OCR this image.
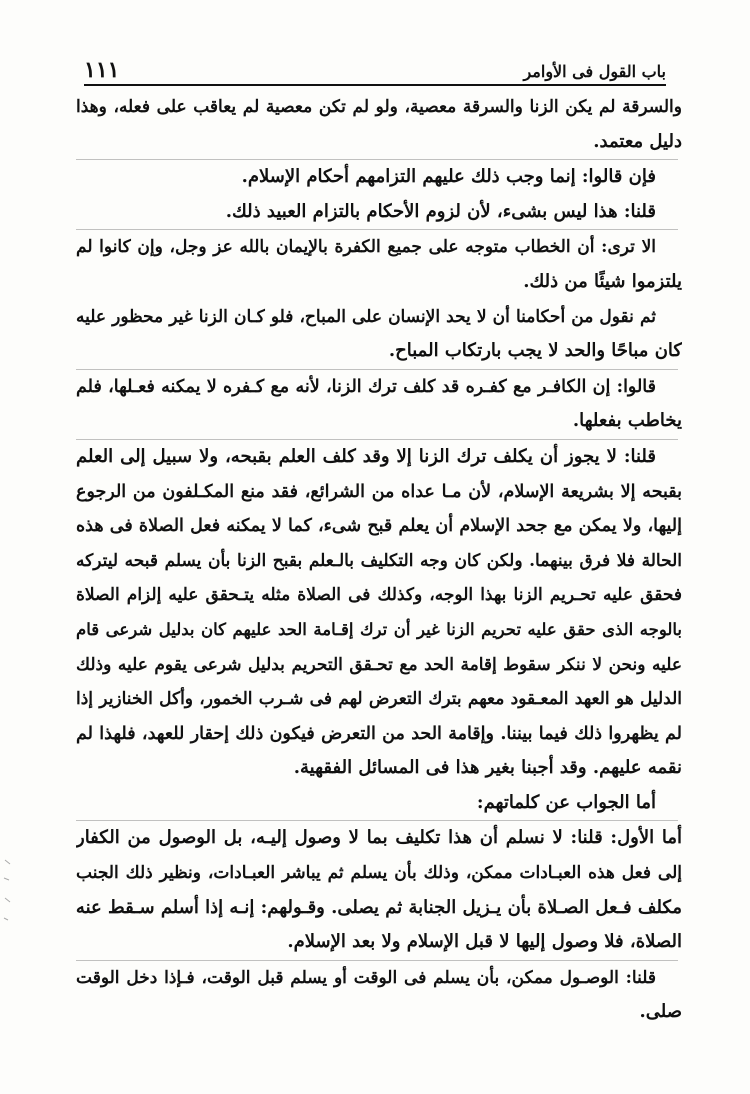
باب القول فى الأوامر
١١١
والسرقة لم يكن الزنا والسرقة معصية، ولو لم تكن معصية لم يعاقب على فعله، وهذا
دليل معتمد.
فإن قالوا: إنما وجب ذلك عليهم التزامهم أحكام الإسلام.
قلنا: هذا ليس بشىء، لأن لزوم الأحكام بالتزام العبيد ذلك.
الا ترى: أن الخطاب متوجه على جميع الكفرة بالإيمان بالله عز وجل، وإن كانوا لم
يلتزموا شيئًا من ذلك.
ثم نقول من أحكامنا أن لا يحد الإنسان على المباح، فلو كـان الزنا غير محظور عليه
كان مباحًا والحد لا يجب بارتكاب المباح.
قالوا: إن الكافـر مع كفـره قد كلف ترك الزنا، لأنه مع كـفره لا يمكنه فعـلها، فلم
يخاطب بفعلها.
قلنا: لا يجوز أن يكلف ترك الزنا إلا وقد كلف العلم بقبحه، ولا سبيل إلى العلم
بقبحه إلا بشريعة الإسلام، لأن مـا عداه من الشرائع، فقد منع المكـلفون من الرجوع
إليها، ولا يمكن مع جحد الإسلام أن يعلم قبح شىء، كما لا يمكنه فعل الصلاة فى هذه
الحالة فلا فرق بينهما. ولكن كان وجه التكليف بالـعلم بقبح الزنا بأن يسلم قبحه ليتركه
فحقق عليه تحـريم الزنا بهذا الوجه، وكذلك فى الصلاة مثله يتـحقق عليه إلزام الصلاة
بالوجه الذى حقق عليه تحريم الزنا غير أن ترك إقـامة الحد عليهم كان بدليل شرعى قام
عليه ونحن لا ننكر سقوط إقامة الحد مع تحـقق التحريم بدليل شرعى يقوم عليه وذلك
الدليل هو العهد المعـقود معهم بترك التعرض لهم فى شـرب الخمور، وأكل الخنازير إذا
لم يظهروا ذلك فيما بيننا. وإقامة الحد من التعرض فيكون ذلك إحقار للعهد، فلهذا لم
نقمه عليهم. وقد أجبنا بغير هذا فى المسائل الفقهية.
أما الجواب عن كلماتهم:
أما الأول: قلنا: لا نسلم أن هذا تكليف بما لا وصول إليـه، بل الوصول من الكفار
إلى فعل هذه العبـادات ممكن، وذلك بأن يسلم ثم يباشر العبـادات، ونظير ذلك الجنب
مكلف فـعل الصـلاة بأن يـزيل الجنابة ثم يصلى. وقـولهم: إنـه إذا أسلم سـقط عنه
الصلاة، فلا وصول إليها لا قبل الإسلام ولا بعد الإسلام.
قلنا: الوصـول ممكن، بأن يسلم فى الوقت أو يسلم قبل الوقت، فـإذا دخل الوقت
صلى.
